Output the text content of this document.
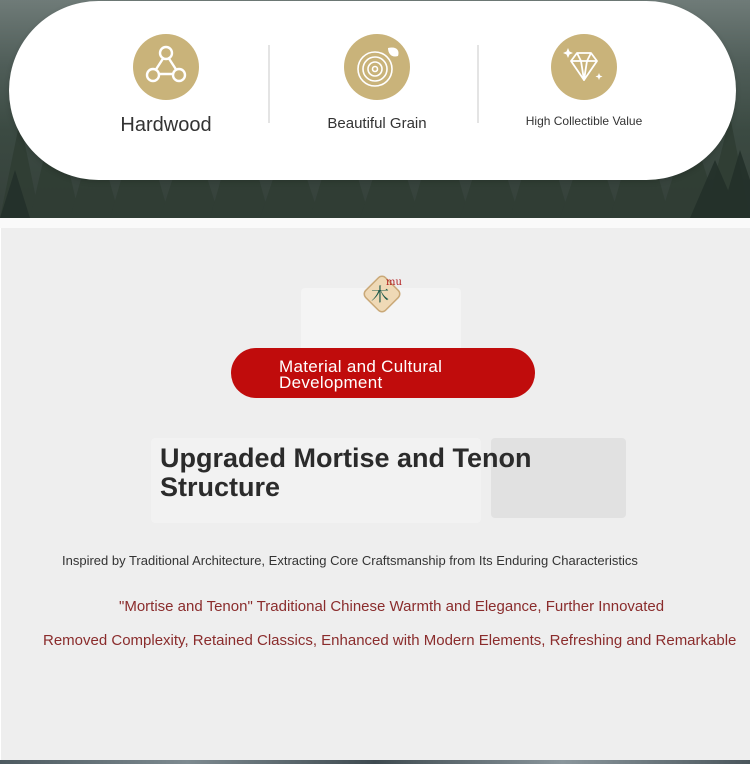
Hardwood	Beautiful Grain	High Collectible Value
木
mu
Material and Cultural Development
Upgraded Mortise and Tenon Structure
Inspired by Traditional Architecture, Extracting Core Craftsmanship from Its Enduring Characteristics
"Mortise and Tenon" Traditional Chinese Warmth and Elegance, Further Innovated
Removed Complexity, Retained Classics, Enhanced with Modern Elements, Refreshing and Remarkable
